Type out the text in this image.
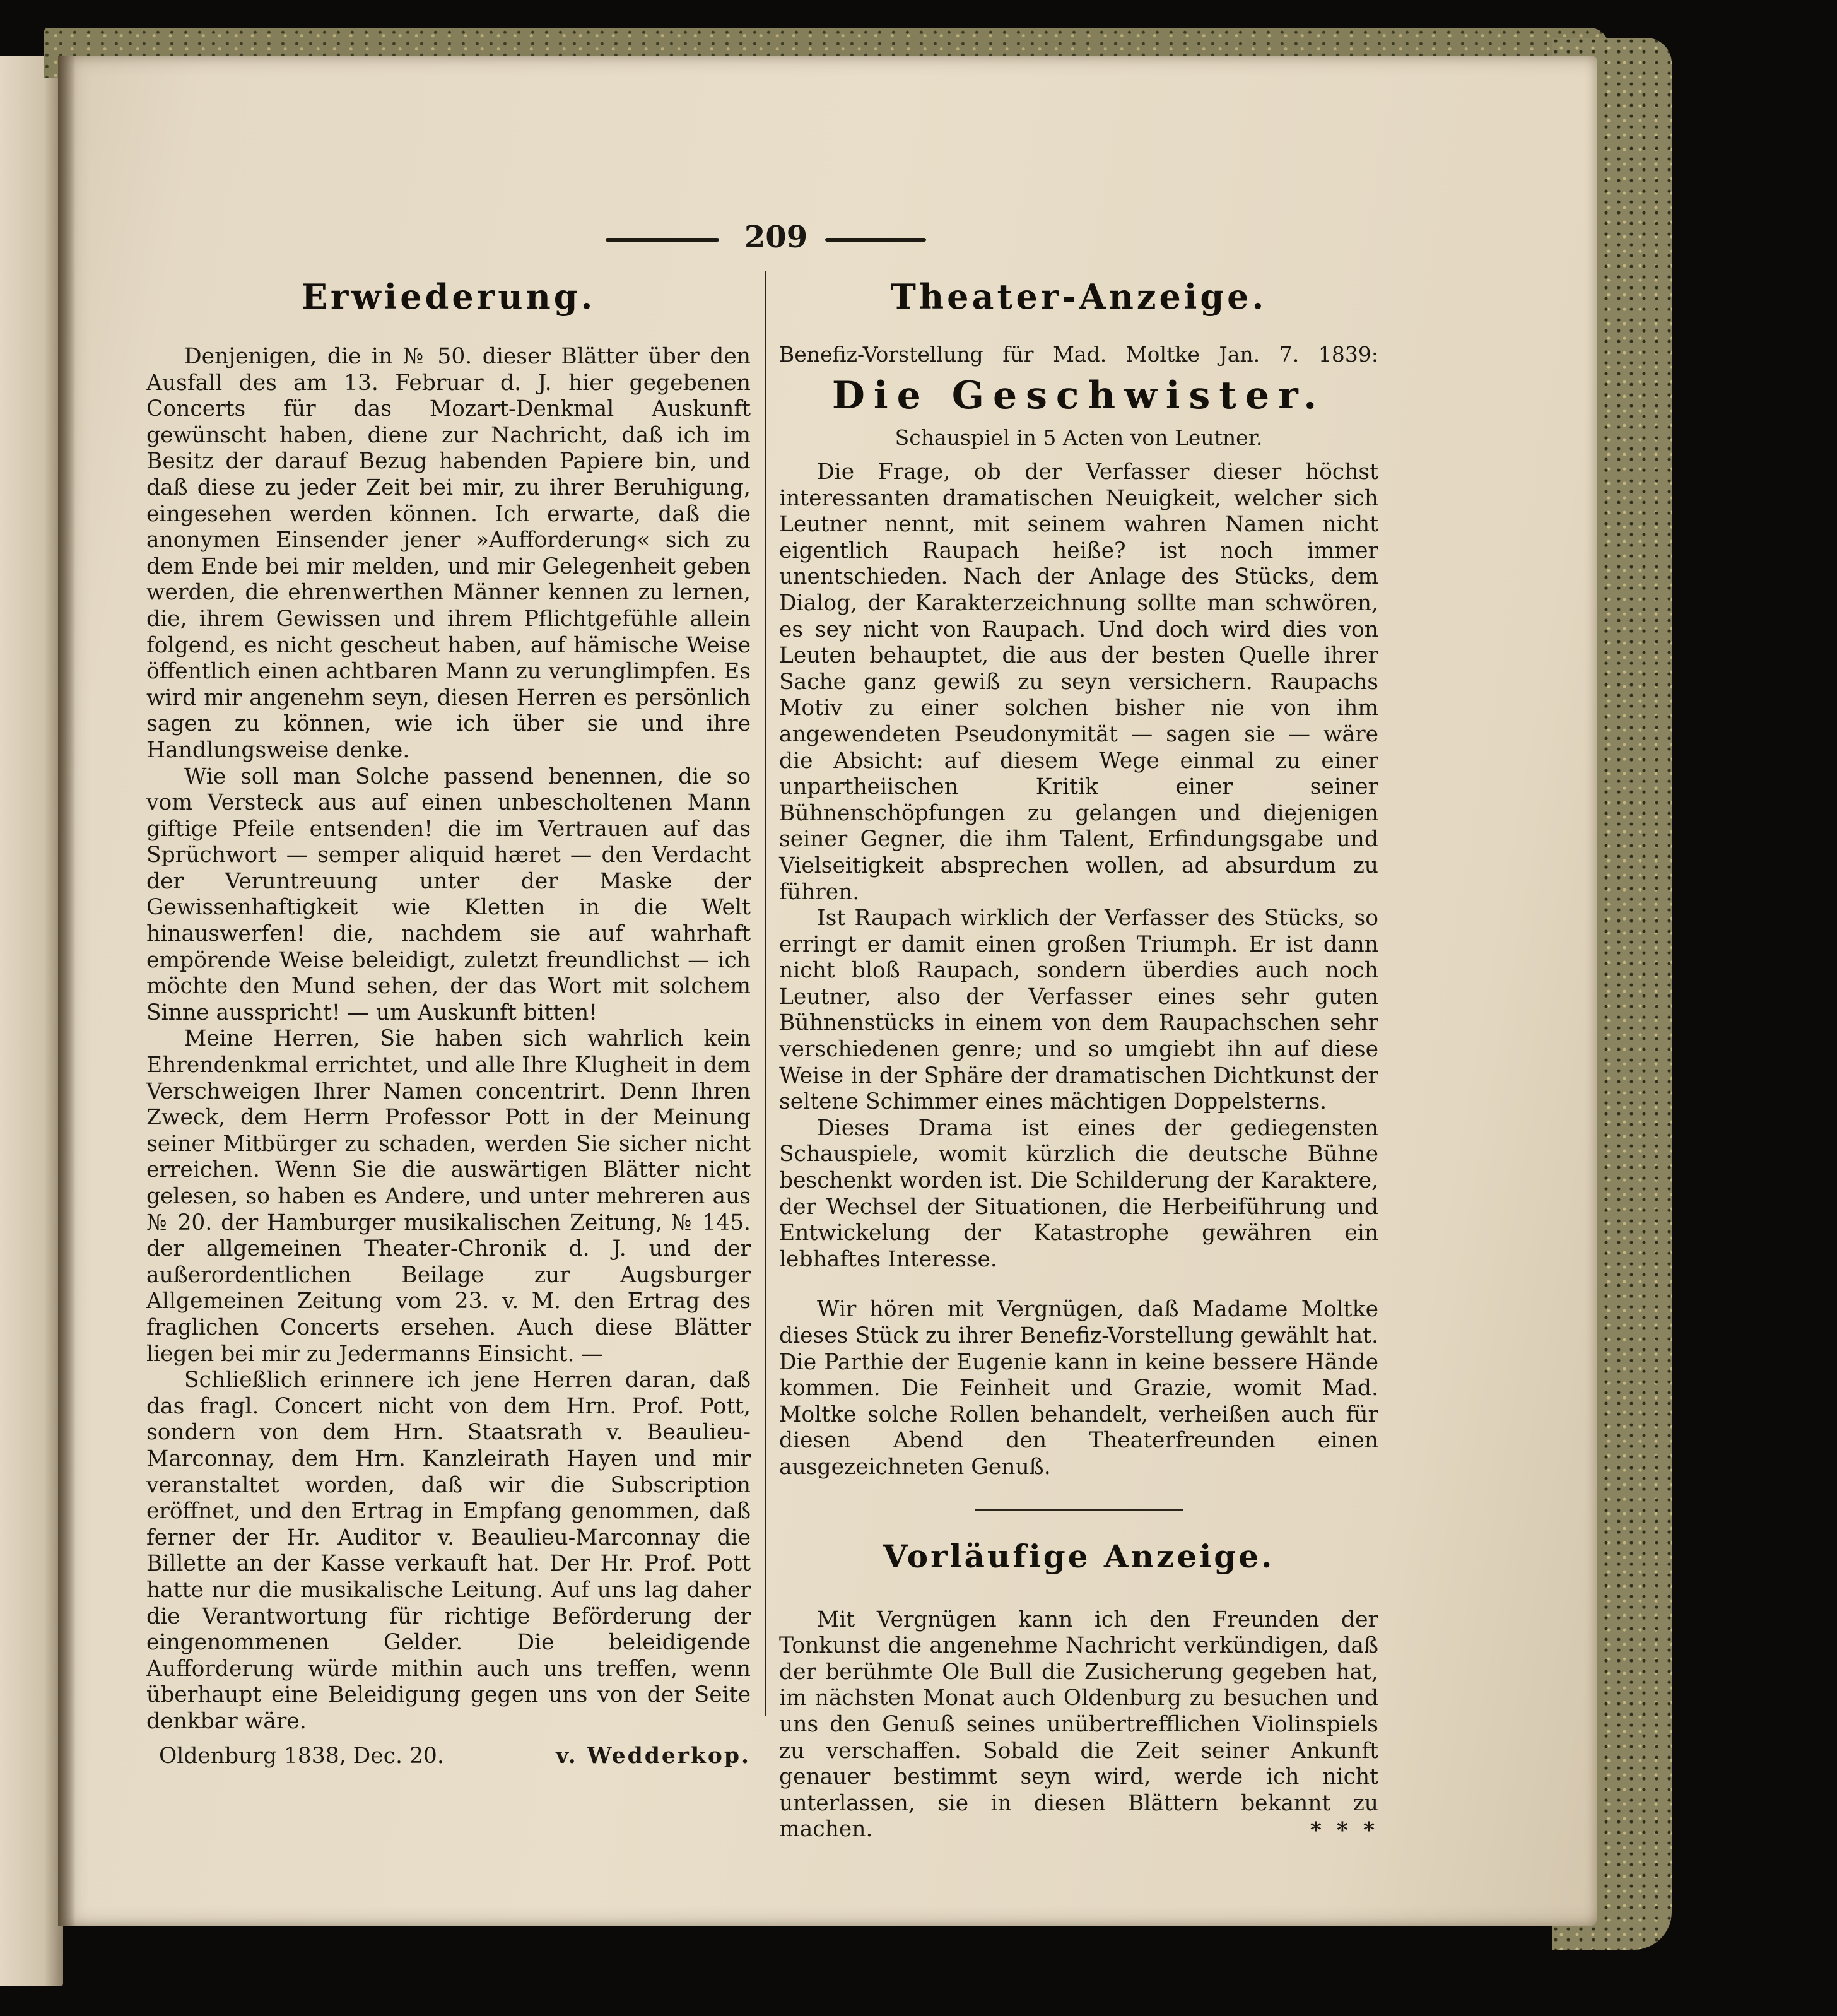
209
Erwiederung.

Denjenigen, die in № 50. dieser Blätter über den Ausfall des am 13. Februar d. J. hier gegebenen Concerts für das Mozart-Denkmal Auskunft gewünscht haben, diene zur Nachricht, daß ich im Besitz der darauf Bezug habenden Papiere bin, und daß diese zu jeder Zeit bei mir, zu ihrer Beruhigung, eingesehen werden können. Ich erwarte, daß die anonymen Einsender jener »Aufforderung« sich zu dem Ende bei mir melden, und mir Gelegenheit geben werden, die ehrenwerthen Männer kennen zu lernen, die, ihrem Gewissen und ihrem Pflichtgefühle allein folgend, es nicht gescheut haben, auf hämische Weise öffentlich einen achtbaren Mann zu verunglimpfen. Es wird mir angenehm seyn, diesen Herren es persönlich sagen zu können, wie ich über sie und ihre Handlungsweise denke.

Wie soll man Solche passend benennen, die so vom Versteck aus auf einen unbescholtenen Mann giftige Pfeile entsenden! die im Vertrauen auf das Sprüchwort — semper aliquid hæret — den Verdacht der Veruntreuung unter der Maske der Gewissenhaftigkeit wie Kletten in die Welt hinauswerfen! die, nachdem sie auf wahrhaft empörende Weise beleidigt, zuletzt freundlichst — ich möchte den Mund sehen, der das Wort mit solchem Sinne ausspricht! — um Auskunft bitten!

Meine Herren, Sie haben sich wahrlich kein Ehrendenkmal errichtet, und alle Ihre Klugheit in dem Verschweigen Ihrer Namen concentrirt. Denn Ihren Zweck, dem Herrn Professor Pott in der Meinung seiner Mitbürger zu schaden, werden Sie sicher nicht erreichen. Wenn Sie die auswärtigen Blätter nicht gelesen, so haben es Andere, und unter mehreren aus № 20. der Hamburger musikalischen Zeitung, № 145. der allgemeinen Theater-Chronik d. J. und der außerordentlichen Beilage zur Augsburger Allgemeinen Zeitung vom 23. v. M. den Ertrag des fraglichen Concerts ersehen. Auch diese Blätter liegen bei mir zu Jedermanns Einsicht. —

Schließlich erinnere ich jene Herren daran, daß das fragl. Concert nicht von dem Hrn. Prof. Pott, sondern von dem Hrn. Staatsrath v. Beaulieu-Marconnay, dem Hrn. Kanzleirath Hayen und mir veranstaltet worden, daß wir die Subscription eröffnet, und den Ertrag in Empfang genommen, daß ferner der Hr. Auditor v. Beaulieu-Marconnay die Billette an der Kasse verkauft hat. Der Hr. Prof. Pott hatte nur die musikalische Leitung. Auf uns lag daher die Verantwortung für richtige Beförderung der eingenommenen Gelder. Die beleidigende Aufforderung würde mithin auch uns treffen, wenn überhaupt eine Beleidigung gegen uns von der Seite denkbar wäre.

Oldenburg 1838, Dec. 20.	v. Wedderkop.
Theater-Anzeige.
Benefiz-Vorstellung für Mad. Moltke Jan. 7. 1839:
Die Geschwister.
Schauspiel in 5 Acten von Leutner.

Die Frage, ob der Verfasser dieser höchst interessanten dramatischen Neuigkeit, welcher sich Leutner nennt, mit seinem wahren Namen nicht eigentlich Raupach heiße? ist noch immer unentschieden. Nach der Anlage des Stücks, dem Dialog, der Karakterzeichnung sollte man schwören, es sey nicht von Raupach. Und doch wird dies von Leuten behauptet, die aus der besten Quelle ihrer Sache ganz gewiß zu seyn versichern. Raupachs Motiv zu einer solchen bisher nie von ihm angewendeten Pseudonymität — sagen sie — wäre die Absicht: auf diesem Wege einmal zu einer unpartheiischen Kritik einer seiner Bühnenschöpfungen zu gelangen und diejenigen seiner Gegner, die ihm Talent, Erfindungsgabe und Vielseitigkeit absprechen wollen, ad absurdum zu führen.

Ist Raupach wirklich der Verfasser des Stücks, so erringt er damit einen großen Triumph. Er ist dann nicht bloß Raupach, sondern überdies auch noch Leutner, also der Verfasser eines sehr guten Bühnenstücks in einem von dem Raupachschen sehr verschiedenen genre; und so umgiebt ihn auf diese Weise in der Sphäre der dramatischen Dichtkunst der seltene Schimmer eines mächtigen Doppelsterns.

Dieses Drama ist eines der gediegensten Schauspiele, womit kürzlich die deutsche Bühne beschenkt worden ist. Die Schilderung der Karaktere, der Wechsel der Situationen, die Herbeiführung und Entwickelung der Katastrophe gewähren ein lebhaftes Interesse.

Wir hören mit Vergnügen, daß Madame Moltke dieses Stück zu ihrer Benefiz-Vorstellung gewählt hat. Die Parthie der Eugenie kann in keine bessere Hände kommen. Die Feinheit und Grazie, womit Mad. Moltke solche Rollen behandelt, verheißen auch für diesen Abend den Theaterfreunden einen ausgezeichneten Genuß.

Vorläufige Anzeige.

Mit Vergnügen kann ich den Freunden der Tonkunst die angenehme Nachricht verkündigen, daß der berühmte Ole Bull die Zusicherung gegeben hat, im nächsten Monat auch Oldenburg zu besuchen und uns den Genuß seines unübertrefflichen Violinspiels zu verschaffen. Sobald die Zeit seiner Ankunft genauer bestimmt seyn wird, werde ich nicht unterlassen, sie in diesen Blättern bekannt zu machen.	* * *
